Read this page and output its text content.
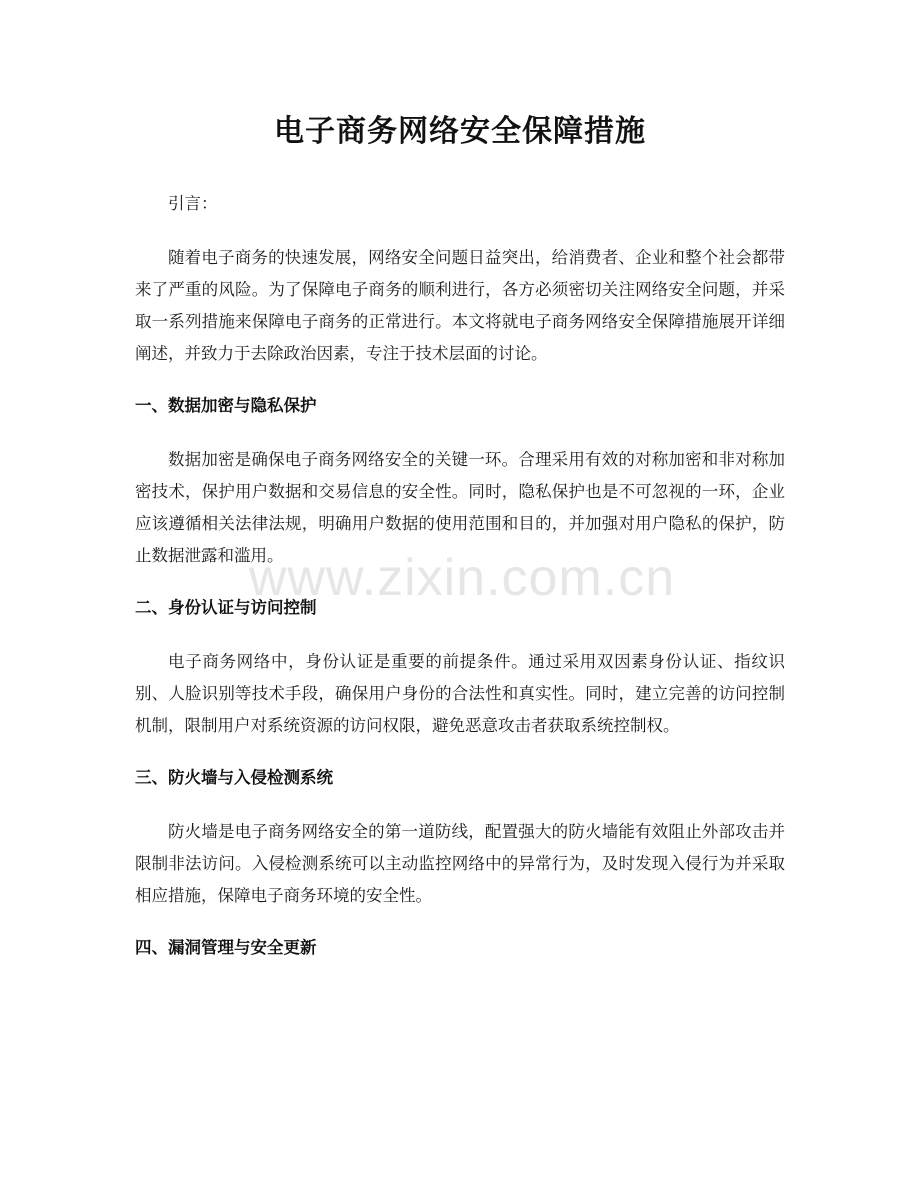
电子商务网络安全保障措施

引言：

随着电子商务的快速发展，网络安全问题日益突出，给消费者、企业和整个社会都带来了严重的风险。为了保障电子商务的顺利进行，各方必须密切关注网络安全问题，并采取一系列措施来保障电子商务的正常进行。本文将就电子商务网络安全保障措施展开详细阐述，并致力于去除政治因素，专注于技术层面的讨论。

一、数据加密与隐私保护

数据加密是确保电子商务网络安全的关键一环。合理采用有效的对称加密和非对称加密技术，保护用户数据和交易信息的安全性。同时，隐私保护也是不可忽视的一环，企业应该遵循相关法律法规，明确用户数据的使用范围和目的，并加强对用户隐私的保护，防止数据泄露和滥用。

二、身份认证与访问控制

电子商务网络中，身份认证是重要的前提条件。通过采用双因素身份认证、指纹识别、人脸识别等技术手段，确保用户身份的合法性和真实性。同时，建立完善的访问控制机制，限制用户对系统资源的访问权限，避免恶意攻击者获取系统控制权。

三、防火墙与入侵检测系统

防火墙是电子商务网络安全的第一道防线，配置强大的防火墙能有效阻止外部攻击并限制非法访问。入侵检测系统可以主动监控网络中的异常行为，及时发现入侵行为并采取相应措施，保障电子商务环境的安全性。

四、漏洞管理与安全更新
www.zixin.com.cn
